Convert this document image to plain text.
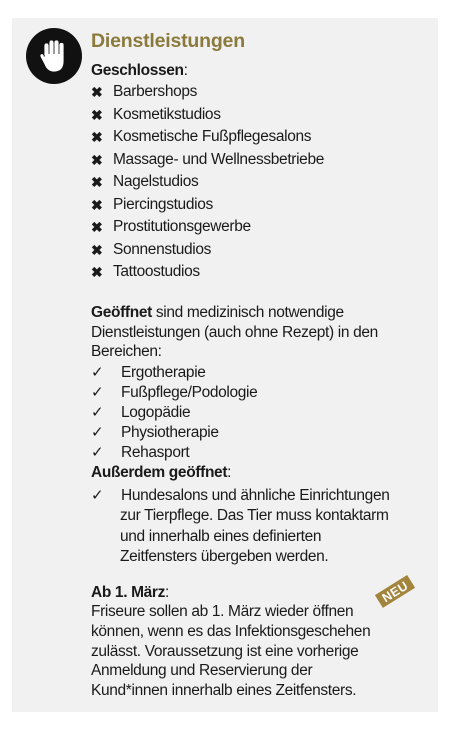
Dienstleistungen
Geschlossen:
✖ Barbershops
✖ Kosmetikstudios
✖ Kosmetische Fußpflegesalons
✖ Massage- und Wellnessbetriebe
✖ Nagelstudios
✖ Piercingstudios
✖ Prostitutionsgewerbe
✖ Sonnenstudios
✖ Tattoostudios

Geöffnet sind medizinisch notwendige Dienstleistungen (auch ohne Rezept) in den Bereichen:

✓	Ergotherapie
✓	Fußpflege/Podologie
✓	Logopädie
✓	Physiotherapie
✓	Rehasport
Außerdem geöffnet:
✓	Hundesalons und ähnliche Einrichtungen
zur Tierpflege. Das Tier muss kontaktarm
und innerhalb eines definierten
Zeitfensters übergeben werden.
Ab 1. März:	NEU
Friseure sollen ab 1. März wieder öffnen
können, wenn es das Infektionsgeschehen
zulässt. Voraussetzung ist eine vorherige
Anmeldung und Reservierung der
Kund*innen innerhalb eines Zeitfensters.
